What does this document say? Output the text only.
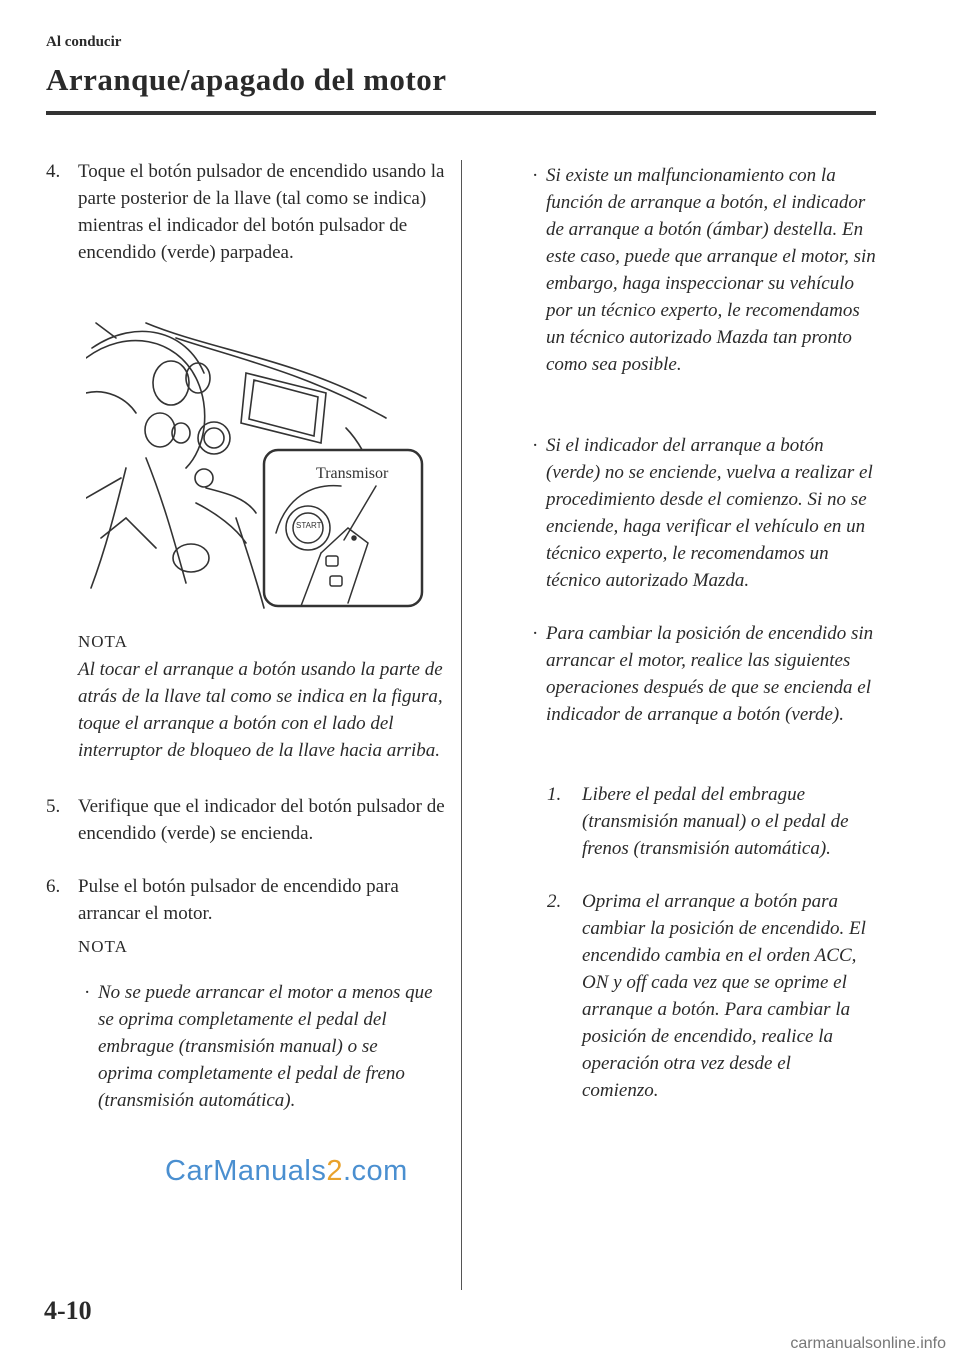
Al conducir
Arranque/apagado del motor
4. Toque el botón pulsador de encendido usando la parte posterior de la llave (tal como se indica) mientras el indicador del botón pulsador de encendido (verde) parpadea.
START
Transmisor
NOTA
Al tocar el arranque a botón usando la parte de atrás de la llave tal como se indica en la figura, toque el arranque a botón con el lado del interruptor de bloqueo de la llave hacia arriba.
5. Verifique que el indicador del botón pulsador de encendido (verde) se encienda.
6. Pulse el botón pulsador de encendido para arrancar el motor.
NOTA
· No se puede arrancar el motor a menos que se oprima completamente el pedal del embrague (transmisión manual) o se oprima completamente el pedal de freno (transmisión automática).
· Si existe un malfuncionamiento con la función de arranque a botón, el indicador de arranque a botón (ámbar) destella. En este caso, puede que arranque el motor, sin embargo, haga inspeccionar su vehículo por un técnico experto, le recomendamos un técnico autorizado Mazda tan pronto como sea posible.
· Si el indicador del arranque a botón (verde) no se enciende, vuelva a realizar el procedimiento desde el comienzo. Si no se enciende, haga verificar el vehículo en un técnico experto, le recomendamos un técnico autorizado Mazda.
· Para cambiar la posición de encendido sin arrancar el motor, realice las siguientes operaciones después de que se encienda el indicador de arranque a botón (verde).
1. Libere el pedal del embrague (transmisión manual) o el pedal de frenos (transmisión automática).
2. Oprima el arranque a botón para cambiar la posición de encendido. El encendido cambia en el orden ACC, ON y off cada vez que se oprime el arranque a botón. Para cambiar la posición de encendido, realice la operación otra vez desde el comienzo.
CarManuals2.com
4-10
carmanualsonline.info
